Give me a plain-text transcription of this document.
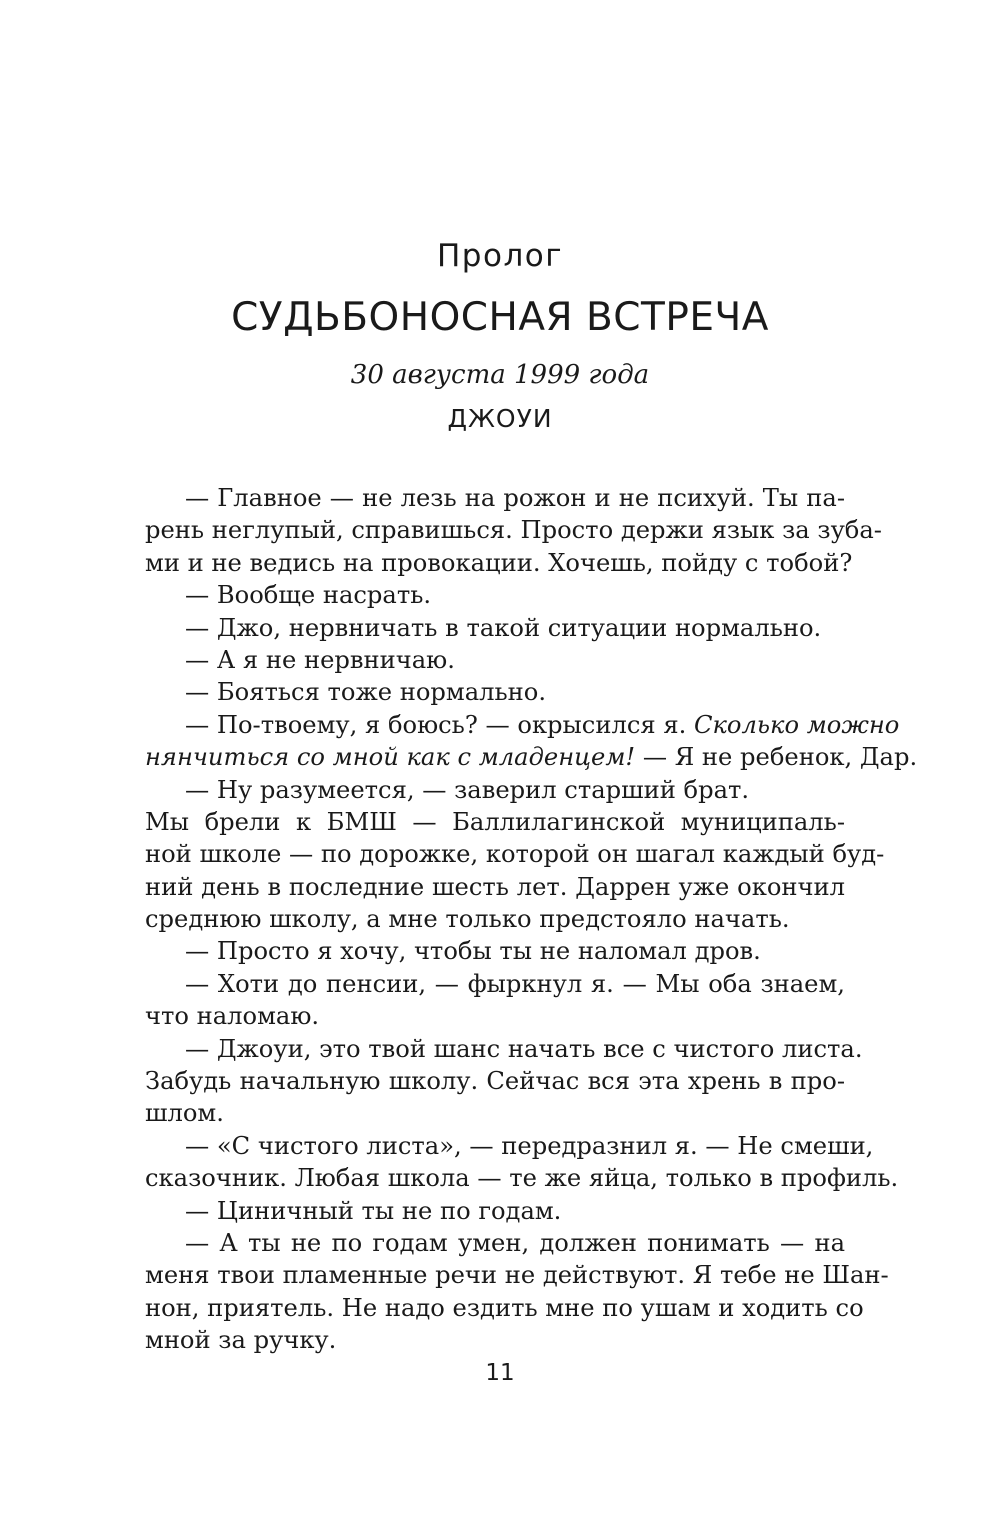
Пролог
СУДЬБОНОСНАЯ ВСТРЕЧА
30 августа 1999 года
ДЖОУИ
— Главное — не лезь на рожон и не психуй. Ты па-
рень неглупый, справишься. Просто держи язык за зуба-
ми и не ведись на провокации. Хочешь, пойду с тобой?
— Вообще насрать.
— Джо, нервничать в такой ситуации нормально.
— А я не нервничаю.
— Бояться тоже нормально.
— По-твоему, я боюсь? — окрысился я. Сколько можно
нянчиться со мной как с младенцем! — Я не ребенок, Дар.
— Ну разумеется, — заверил старший брат.
Мы брели к БМШ — Баллилагинской муниципаль-
ной школе — по дорожке, которой он шагал каждый буд-
ний день в последние шесть лет. Даррен уже окончил
среднюю школу, а мне только предстояло начать.
— Просто я хочу, чтобы ты не наломал дров.
— Хоти до пенсии, — фыркнул я. — Мы оба знаем,
что наломаю.
— Джоуи, это твой шанс начать все с чистого листа.
Забудь начальную школу. Сейчас вся эта хрень в про-
шлом.
— «С чистого листа», — передразнил я. — Не смеши,
сказочник. Любая школа — те же яйца, только в профиль.
— Циничный ты не по годам.
— А ты не по годам умен, должен понимать — на
меня твои пламенные речи не действуют. Я тебе не Шан-
нон, приятель. Не надо ездить мне по ушам и ходить со
мной за ручку.
11
